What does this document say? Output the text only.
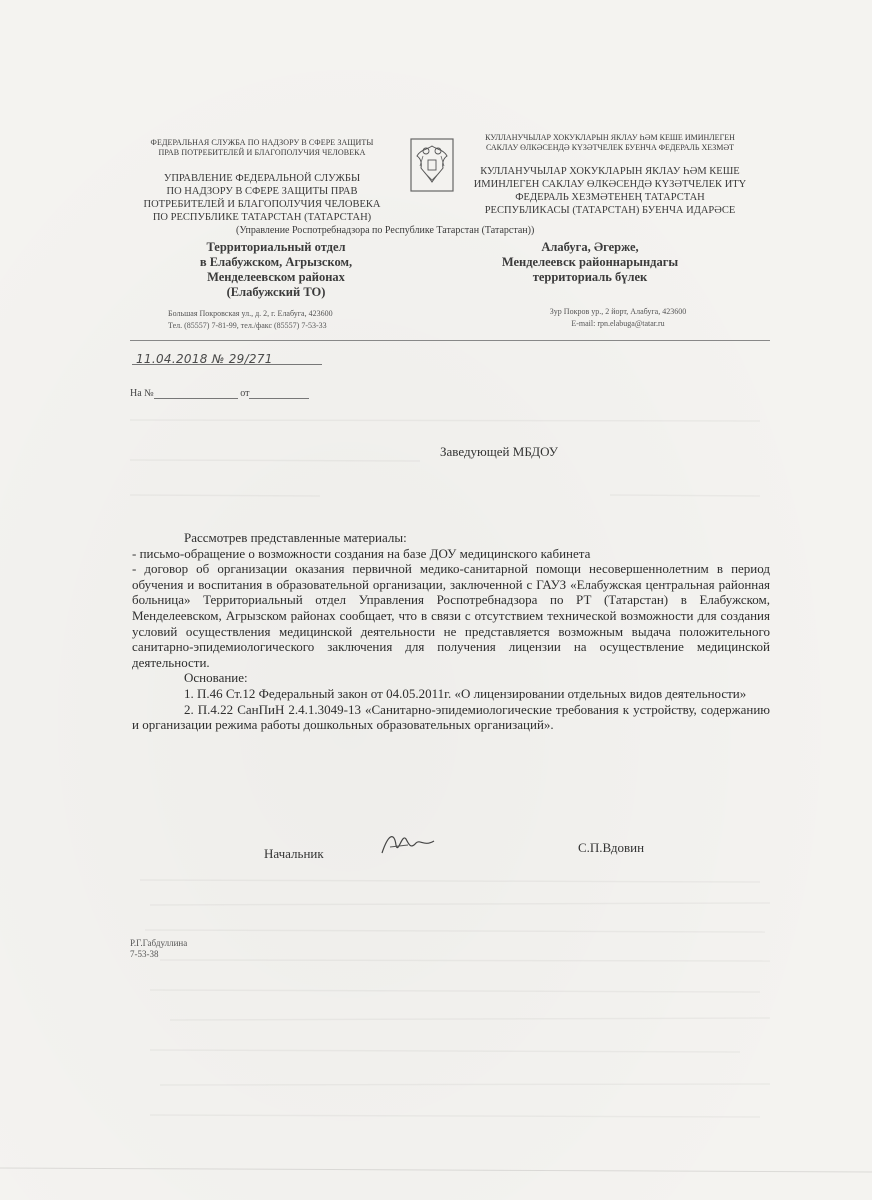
ФЕДЕРАЛЬНАЯ СЛУЖБА ПО НАДЗОРУ В СФЕРЕ ЗАЩИТЫ
ПРАВ ПОТРЕБИТЕЛЕЙ И БЛАГОПОЛУЧИЯ ЧЕЛОВЕКА
УПРАВЛЕНИЕ ФЕДЕРАЛЬНОЙ СЛУЖБЫ
ПО НАДЗОРУ В СФЕРЕ ЗАЩИТЫ ПРАВ
ПОТРЕБИТЕЛЕЙ И БЛАГОПОЛУЧИЯ ЧЕЛОВЕКА
ПО РЕСПУБЛИКЕ ТАТАРСТАН (ТАТАРСТАН)
КУЛЛАНУЧЫЛАР ХОКУКЛАРЫН ЯКЛАУ ҺӘМ КЕШЕ ИМИНЛЕГЕН
САКЛАУ ӨЛКӘСЕНДӘ КҮЗӘТЧЕЛЕК БУЕНЧА ФЕДЕРАЛЬ ХЕЗМӘТ
КУЛЛАНУЧЫЛАР ХОКУКЛАРЫН ЯКЛАУ ҺӘМ КЕШЕ
ИМИНЛЕГЕН САКЛАУ ӨЛКӘСЕНДӘ КҮЗӘТЧЕЛЕК ИТҮ
ФЕДЕРАЛЬ ХЕЗМӘТЕНЕҢ ТАТАРСТАН
РЕСПУБЛИКАСЫ (ТАТАРСТАН) БУЕНЧА ИДАРӘСЕ
(Управление Роспотребнадзора по Республике Татарстан (Татарстан))
Территориальный отдел
в Елабужском, Агрызском,
Менделеевском районах
(Елабужский ТО)
Алабуга, Әгерже,
Менделеевск районнарындагы
территориаль бүлек
Большая Покровская ул., д. 2, г. Елабуга, 423600
Тел. (85557) 7-81-99, тел./факс (85557) 7-53-33
Зур Покров ур., 2 йорт, Алабуга, 423600
E-mail: rpn.elabuga@tatar.ru
11.04.2018 № 29/271
На №	от
Заведующей МБДОУ

Рассмотрев представленные материалы:

- письмо-обращение о возможности создания на базе ДОУ медицинского кабинета

- договор об организации оказания первичной медико-санитарной помощи несовершеннолетним в период обучения и воспитания в образовательной организации, заключенной с ГАУЗ «Елабужская центральная районная больница» Территориальный отдел Управления Роспотребнадзора по РТ (Татарстан) в Елабужском, Менделеевском, Агрызском районах сообщает, что в связи с отсутствием технической возможности для создания условий осуществления медицинской деятельности не представляется возможным выдача положительного санитарно-эпидемиологического заключения для получения лицензии на осуществление медицинской деятельности.

Основание:

1. П.46 Ст.12 Федеральный закон от 04.05.2011г. «О лицензировании отдельных видов деятельности»

2. П.4.22 СанПиН 2.4.1.3049-13 «Санитарно-эпидемиологические требования к устройству, содержанию и организации режима работы дошкольных образовательных организаций».

Начальник	С.П.Вдовин
Р.Г.Габдуллина
7-53-38
